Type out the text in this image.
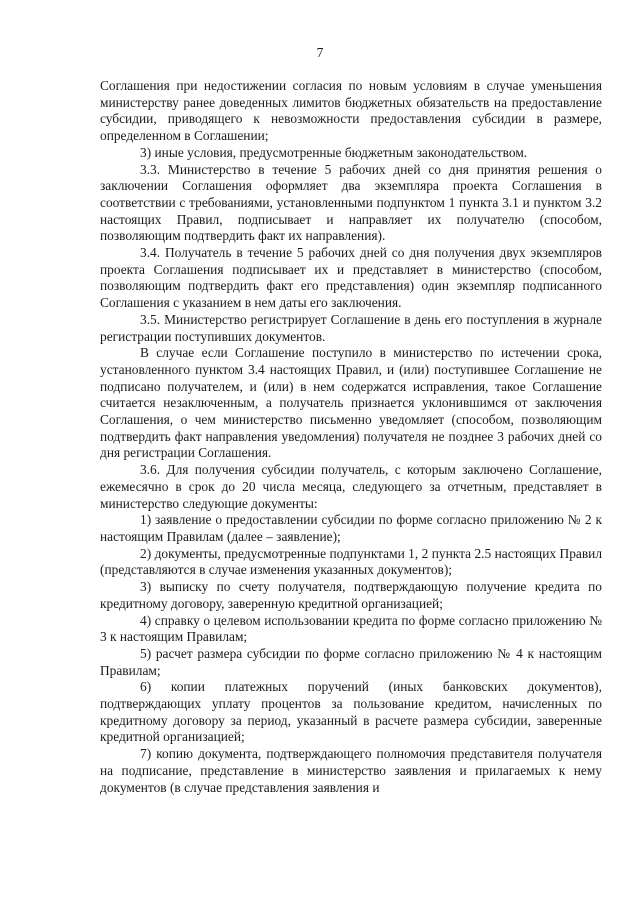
7

Соглашения при недостижении согласия по новым условиям в случае уменьшения министерству ранее доведенных лимитов бюджетных обязательств на предоставление субсидии, приводящего к невозможности предоставления субсидии в размере, определенном в Соглашении;

3) иные условия, предусмотренные бюджетным законодательством.

3.3. Министерство в течение 5 рабочих дней со дня принятия решения о заключении Соглашения оформляет два экземпляра проекта Соглашения в соответствии с требованиями, установленными подпунктом 1 пункта 3.1 и пунктом 3.2 настоящих Правил, подписывает и направляет их получателю (способом, позволяющим подтвердить факт их направления).

3.4. Получатель в течение 5 рабочих дней со дня получения двух экземпляров проекта Соглашения подписывает их и представляет в министерство (способом, позволяющим подтвердить факт его представления) один экземпляр подписанного Соглашения с указанием в нем даты его заключения.

3.5. Министерство регистрирует Соглашение в день его поступления в журнале регистрации поступивших документов.

В случае если Соглашение поступило в министерство по истечении срока, установленного пунктом 3.4 настоящих Правил, и (или) поступившее Соглашение не подписано получателем, и (или) в нем содержатся исправления, такое Соглашение считается незаключенным, а получатель признается уклонившимся от заключения Соглашения, о чем министерство письменно уведомляет (способом, позволяющим подтвердить факт направления уведомления) получателя не позднее 3 рабочих дней со дня регистрации Соглашения.

3.6. Для получения субсидии получатель, с которым заключено Соглашение, ежемесячно в срок до 20 числа месяца, следующего за отчетным, представляет в министерство следующие документы:

1) заявление о предоставлении субсидии по форме согласно приложению № 2 к настоящим Правилам (далее – заявление);

2) документы, предусмотренные подпунктами 1, 2 пункта 2.5 настоящих Правил (представляются в случае изменения указанных документов);

3) выписку по счету получателя, подтверждающую получение кредита по кредитному договору, заверенную кредитной организацией;

4) справку о целевом использовании кредита по форме согласно приложению № 3 к настоящим Правилам;

5) расчет размера субсидии по форме согласно приложению № 4 к настоящим Правилам;

6) копии платежных поручений (иных банковских документов), подтверждающих уплату процентов за пользование кредитом, начисленных по кредитному договору за период, указанный в расчете размера субсидии, заверенные кредитной организацией;

7) копию документа, подтверждающего полномочия представителя получателя на подписание, представление в министерство заявления и прилагаемых к нему документов (в случае представления заявления и
